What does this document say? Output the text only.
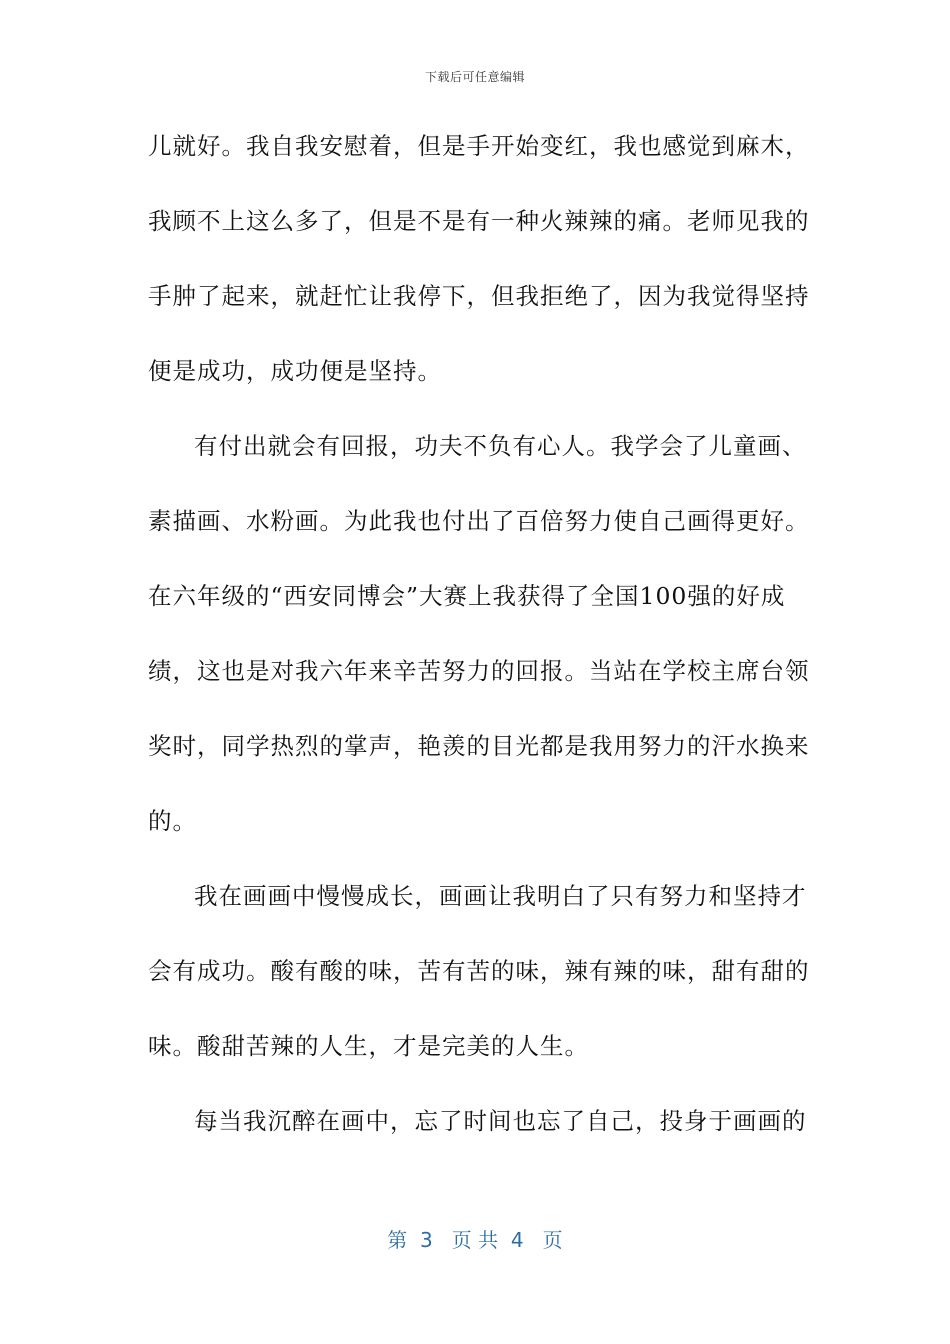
下载后可任意编辑
儿就好。我自我安慰着，但是手开始变红，我也感觉到麻木，
我顾不上这么多了，但是不是有一种火辣辣的痛。老师见我的
手肿了起来，就赶忙让我停下，但我拒绝了，因为我觉得坚持
便是成功，成功便是坚持。
有付出就会有回报，功夫不负有心人。我学会了儿童画、
素描画、水粉画。为此我也付出了百倍努力使自己画得更好。
在六年级的“西安同博会”大赛上我获得了全国100强的好成
绩，这也是对我六年来辛苦努力的回报。当站在学校主席台领
奖时，同学热烈的掌声，艳羡的目光都是我用努力的汗水换来
的。
我在画画中慢慢成长，画画让我明白了只有努力和坚持才
会有成功。酸有酸的味，苦有苦的味，辣有辣的味，甜有甜的
味。酸甜苦辣的人生，才是完美的人生。
每当我沉醉在画中，忘了时间也忘了自己，投身于画画的
第  3   页 共  4   页
